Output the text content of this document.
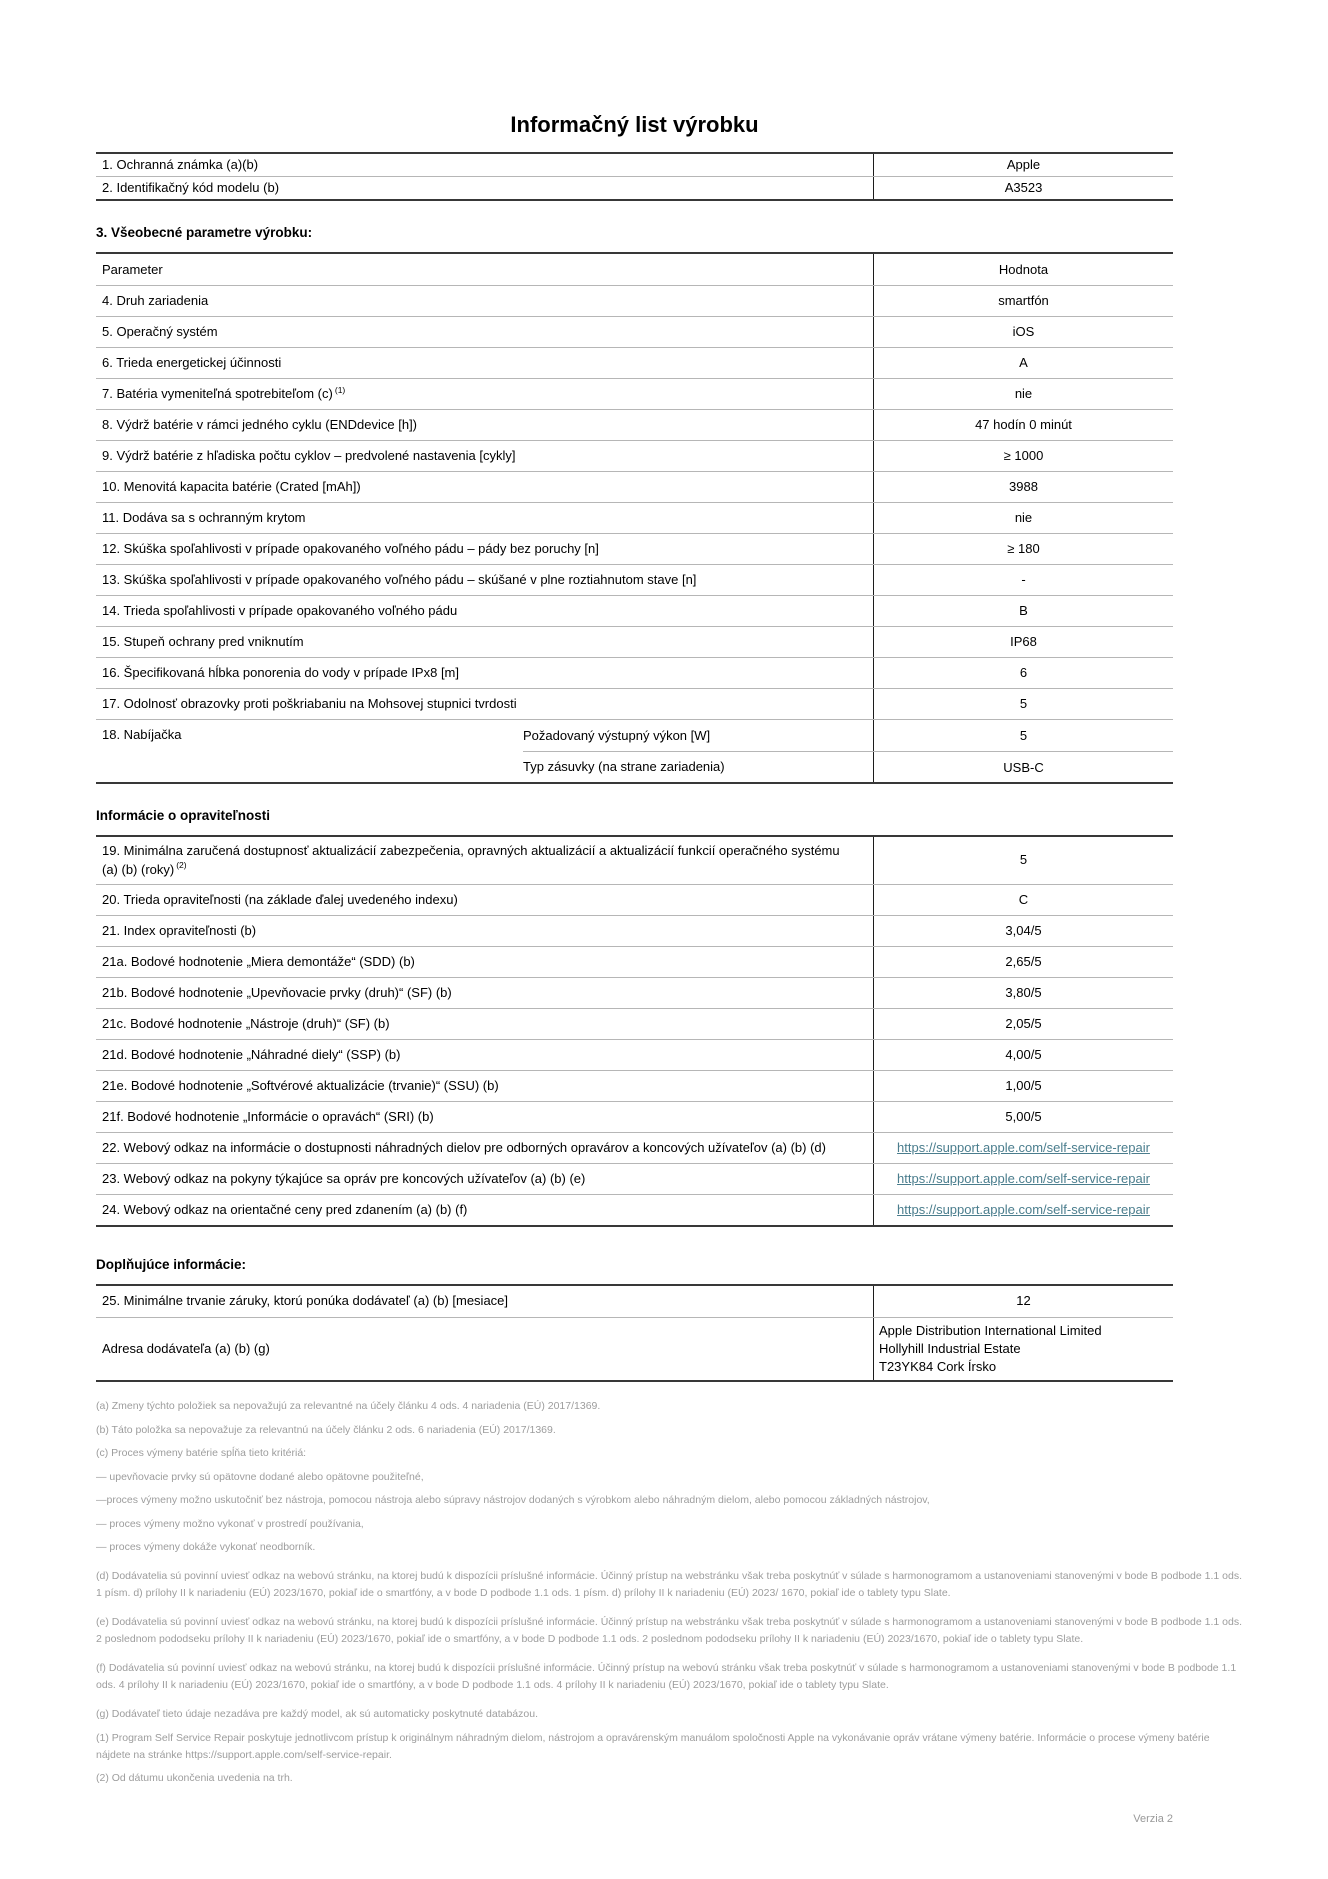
Informačný list výrobku
1. Ochranná známka (a)(b)	Apple
2. Identifikačný kód modelu (b)	A3523
3. Všeobecné parametre výrobku:
Parameter	Hodnota
4. Druh zariadenia	smartfón
5. Operačný systém	iOS
6. Trieda energetickej účinnosti	A
7. Batéria vymeniteľná spotrebiteľom (c) $^{(1)}$	nie
8. Výdrž batérie v rámci jedného cyklu (ENDdevice [h])	47 hodín 0 minút
9. Výdrž batérie z hľadiska počtu cyklov – predvolené nastavenia [cykly]	≥ 1000
10. Menovitá kapacita batérie (Crated [mAh])	3988
11. Dodáva sa s ochranným krytom	nie
12. Skúška spoľahlivosti v prípade opakovaného voľného pádu – pády bez poruchy [n]	≥ 180
13. Skúška spoľahlivosti v prípade opakovaného voľného pádu – skúšané v plne roztiahnutom stave [n]	-
14. Trieda spoľahlivosti v prípade opakovaného voľného pádu	B
15. Stupeň ochrany pred vniknutím	IP68
16. Špecifikovaná hĺbka ponorenia do vody v prípade IPx8 [m]	6
17. Odolnosť obrazovky proti poškriabaniu na Mohsovej stupnici tvrdosti	5
18. Nabíjačka	Požadovaný výstupný výkon [W]	5
Typ zásuvky (na strane zariadenia)	USB-C
Informácie o opraviteľnosti
19. Minimálna zaručená dostupnosť aktualizácií zabezpečenia, opravných aktualizácií a aktualizácií funkcií operačného systému (a) (b) (roky) $^{(2)}$	5
20. Trieda opraviteľnosti (na základe ďalej uvedeného indexu)	C
21. Index opraviteľnosti (b)	3,04/5
21a. Bodové hodnotenie „Miera demontáže“ (SDD) (b)	2,65/5
21b. Bodové hodnotenie „Upevňovacie prvky (druh)“ (SF) (b)	3,80/5
21c. Bodové hodnotenie „Nástroje (druh)“ (SF) (b)	2,05/5
21d. Bodové hodnotenie „Náhradné diely“ (SSP) (b)	4,00/5
21e. Bodové hodnotenie „Softvérové aktualizácie (trvanie)“ (SSU) (b)	1,00/5
21f. Bodové hodnotenie „Informácie o opravách“ (SRI) (b)	5,00/5
22. Webový odkaz na informácie o dostupnosti náhradných dielov pre odborných opravárov a koncových užívateľov (a) (b) (d)	https://support.apple.com/self-service-repair
23. Webový odkaz na pokyny týkajúce sa opráv pre koncových užívateľov (a) (b) (e)	https://support.apple.com/self-service-repair
24. Webový odkaz na orientačné ceny pred zdanením (a) (b) (f)	https://support.apple.com/self-service-repair
Doplňujúce informácie:
25. Minimálne trvanie záruky, ktorú ponúka dodávateľ (a) (b) [mesiace]	12
Adresa dodávateľa (a) (b) (g)
Apple Distribution International Limited
Hollyhill Industrial Estate
T23YK84 Cork Írsko

(a) Zmeny týchto položiek sa nepovažujú za relevantné na účely článku 4 ods. 4 nariadenia (EÚ) 2017/1369.

(b) Táto položka sa nepovažuje za relevantnú na účely článku 2 ods. 6 nariadenia (EÚ) 2017/1369.

(c) Proces výmeny batérie spĺňa tieto kritériá:

— upevňovacie prvky sú opätovne dodané alebo opätovne použiteľné,

—proces výmeny možno uskutočniť bez nástroja, pomocou nástroja alebo súpravy nástrojov dodaných s výrobkom alebo náhradným dielom, alebo pomocou základných nástrojov,

— proces výmeny možno vykonať v prostredí používania,

— proces výmeny dokáže vykonať neodborník.

(d) Dodávatelia sú povinní uviesť odkaz na webovú stránku, na ktorej budú k dispozícii príslušné informácie. Účinný prístup na webstránku však treba poskytnúť v súlade s harmonogramom a ustanoveniami stanovenými v bode B podbode 1.1 ods. 1 písm. d) prílohy II k nariadeniu (EÚ) 2023/1670, pokiaľ ide o smartfóny, a v bode D podbode 1.1 ods. 1 písm. d) prílohy II k nariadeniu (EÚ) 2023/ 1670, pokiaľ ide o tablety typu Slate.

(e) Dodávatelia sú povinní uviesť odkaz na webovú stránku, na ktorej budú k dispozícii príslušné informácie. Účinný prístup na webstránku však treba poskytnúť v súlade s harmonogramom a ustanoveniami stanovenými v bode B podbode 1.1 ods. 2 poslednom pododseku prílohy II k nariadeniu (EÚ) 2023/1670, pokiaľ ide o smartfóny, a v bode D podbode 1.1 ods. 2 poslednom pododseku prílohy II k nariadeniu (EÚ) 2023/1670, pokiaľ ide o tablety typu Slate.

(f) Dodávatelia sú povinní uviesť odkaz na webovú stránku, na ktorej budú k dispozícii príslušné informácie. Účinný prístup na webovú stránku však treba poskytnúť v súlade s harmonogramom a ustanoveniami stanovenými v bode B podbode 1.1 ods. 4 prílohy II k nariadeniu (EÚ) 2023/1670, pokiaľ ide o smartfóny, a v bode D podbode 1.1 ods. 4 prílohy II k nariadeniu (EÚ) 2023/1670, pokiaľ ide o tablety typu Slate.

(g) Dodávateľ tieto údaje nezadáva pre každý model, ak sú automaticky poskytnuté databázou.

(1) Program Self Service Repair poskytuje jednotlivcom prístup k originálnym náhradným dielom, nástrojom a opravárenským manuálom spoločnosti Apple na vykonávanie opráv vrátane výmeny batérie. Informácie o procese výmeny batérie nájdete na stránke https://support.apple.com/self-service-repair.

(2) Od dátumu ukončenia uvedenia na trh.

Verzia 2
